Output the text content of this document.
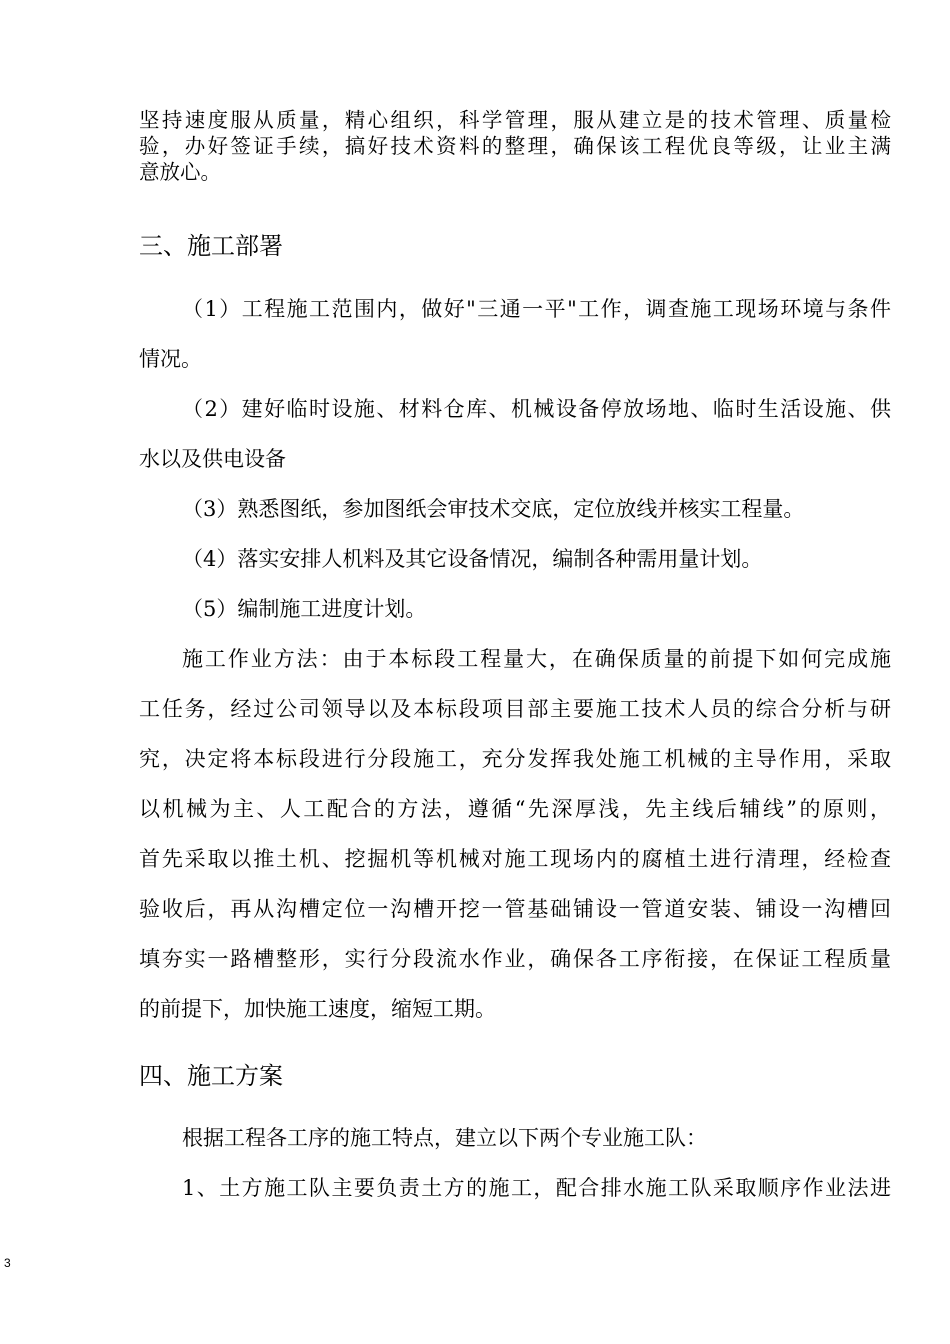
坚持速度服从质量，精心组织，科学管理，服从建立是的技术管理、质量检

验，办好签证手续，搞好技术资料的整理，确保该工程优良等级，让业主满

意放心。

三、施工部署

（1）工程施工范围内，做好"三通一平"工作，调查施工现场环境与条件

情况。

（2）建好临时设施、材料仓库、机械设备停放场地、临时生活设施、供

水以及供电设备

（3）熟悉图纸，参加图纸会审技术交底，定位放线并核实工程量。

（4）落实安排人机料及其它设备情况，编制各种需用量计划。

（5）编制施工进度计划。

施工作业方法：由于本标段工程量大，在确保质量的前提下如何完成施

工任务，经过公司领导以及本标段项目部主要施工技术人员的综合分析与研

究，决定将本标段进行分段施工，充分发挥我处施工机械的主导作用，采取

以机械为主、人工配合的方法，遵循“先深厚浅，先主线后辅线”的原则，

首先采取以推土机、挖掘机等机械对施工现场内的腐植土进行清理，经检查

验收后，再从沟槽定位一沟槽开挖一管基础铺设一管道安装、铺设一沟槽回

填夯实一路槽整形，实行分段流水作业，确保各工序衔接，在保证工程质量

的前提下，加快施工速度，缩短工期。

四、施工方案

根据工程各工序的施工特点，建立以下两个专业施工队：

1、土方施工队主要负责土方的施工，配合排水施工队采取顺序作业法进

3
